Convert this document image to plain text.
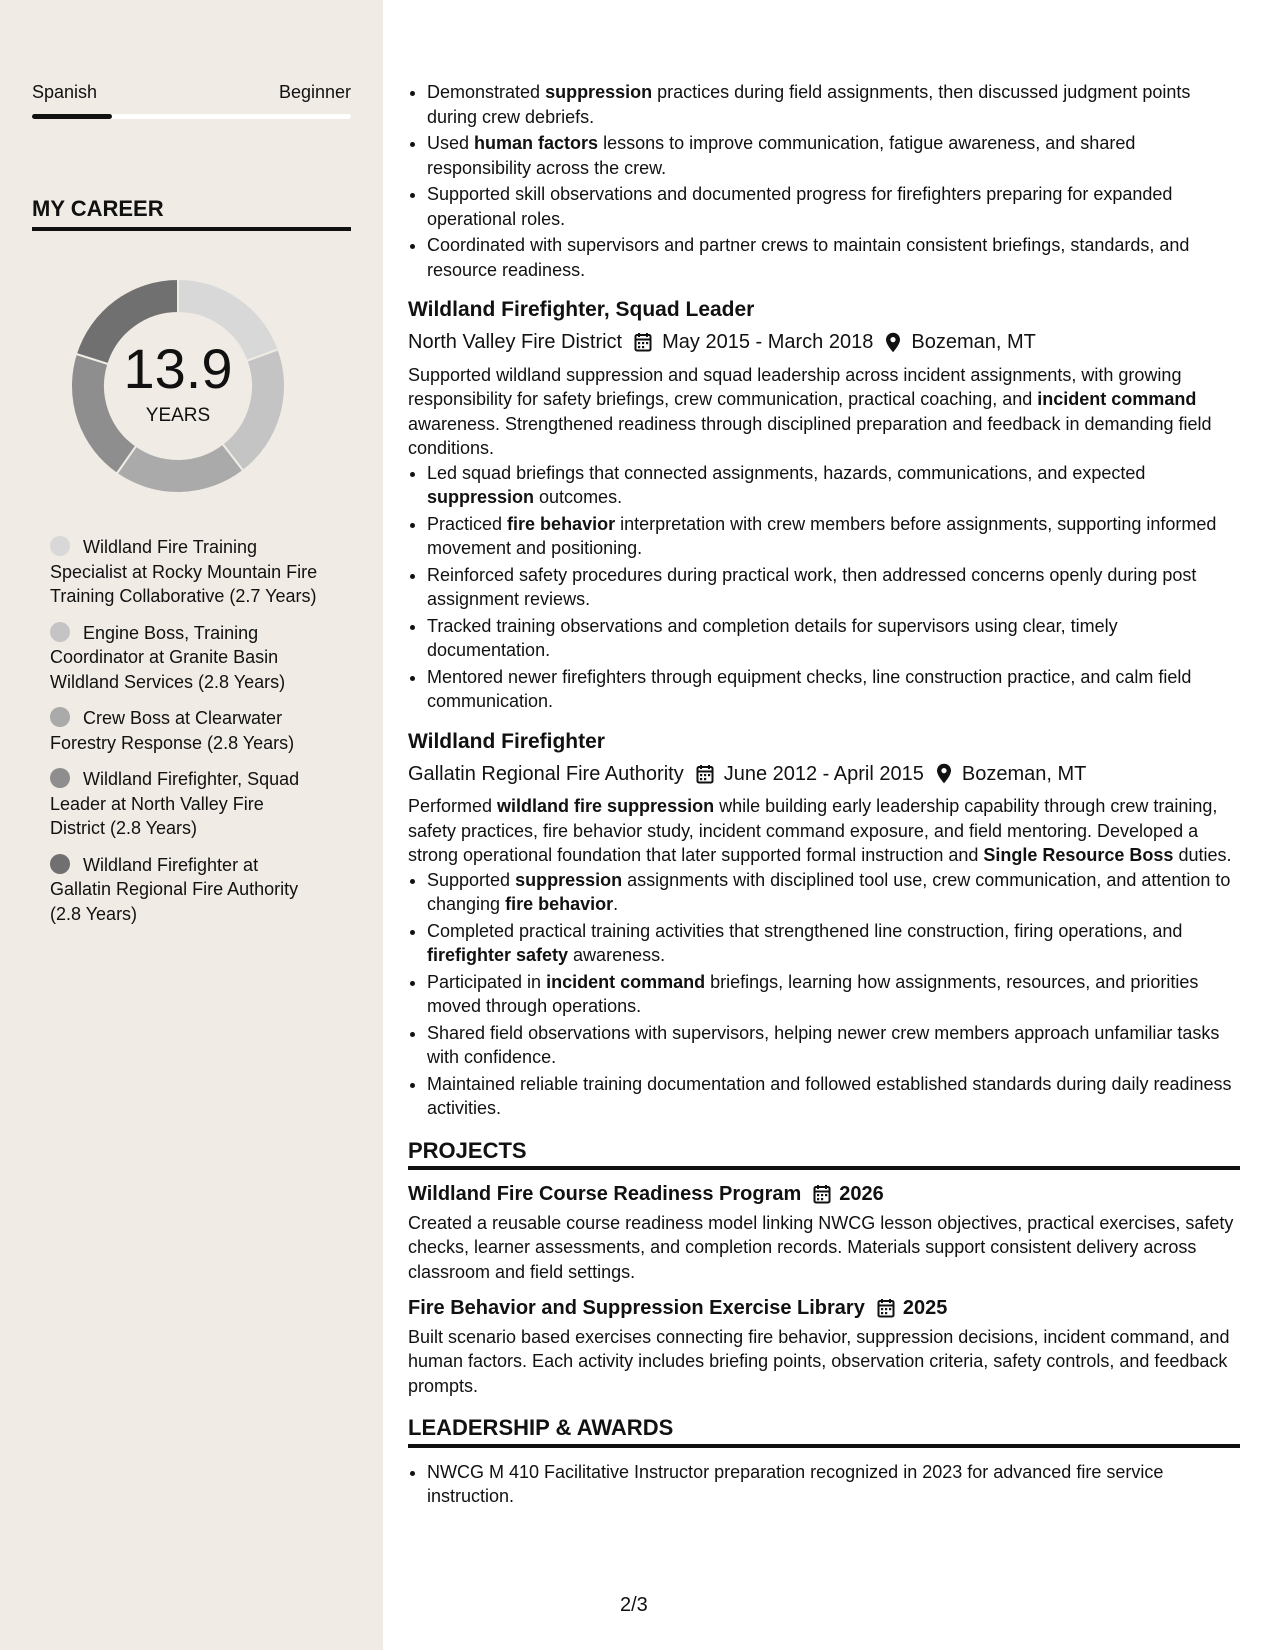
Spanish	Beginner
MY CAREER
13.9
YEARS
Wildland Fire Training Specialist at Rocky Mountain Fire Training Collaborative (2.7 Years)
Engine Boss, Training Coordinator at Granite Basin Wildland Services (2.8 Years)
Crew Boss at Clearwater Forestry Response (2.8 Years)
Wildland Firefighter, Squad Leader at North Valley Fire District (2.8 Years)
Wildland Firefighter at Gallatin Regional Fire Authority (2.8 Years)
• Demonstrated suppression practices during field assignments, then discussed judgment points during crew debriefs.
• Used human factors lessons to improve communication, fatigue awareness, and shared responsibility across the crew.
• Supported skill observations and documented progress for firefighters preparing for expanded operational roles.
• Coordinated with supervisors and partner crews to maintain consistent briefings, standards, and resource readiness.
Wildland Firefighter, Squad Leader
North Valley Fire District May 2015 - March 2018 Bozeman, MT

Supported wildland suppression and squad leadership across incident assignments, with growing responsibility for safety briefings, crew communication, practical coaching, and incident command awareness. Strengthened readiness through disciplined preparation and feedback in demanding field conditions.

• Led squad briefings that connected assignments, hazards, communications, and expected suppression outcomes.
• Practiced fire behavior interpretation with crew members before assignments, supporting informed movement and positioning.
• Reinforced safety procedures during practical work, then addressed concerns openly during post assignment reviews.
• Tracked training observations and completion details for supervisors using clear, timely documentation.
• Mentored newer firefighters through equipment checks, line construction practice, and calm field communication.
Wildland Firefighter
Gallatin Regional Fire Authority June 2012 - April 2015 Bozeman, MT

Performed wildland fire suppression while building early leadership capability through crew training, safety practices, fire behavior study, incident command exposure, and field mentoring. Developed a strong operational foundation that later supported formal instruction and Single Resource Boss duties.

• Supported suppression assignments with disciplined tool use, crew communication, and attention to changing fire behavior.
• Completed practical training activities that strengthened line construction, firing operations, and firefighter safety awareness.
• Participated in incident command briefings, learning how assignments, resources, and priorities moved through operations.
• Shared field observations with supervisors, helping newer crew members approach unfamiliar tasks with confidence.
• Maintained reliable training documentation and followed established standards during daily readiness activities.
PROJECTS
Wildland Fire Course Readiness Program 2026

Created a reusable course readiness model linking NWCG lesson objectives, practical exercises, safety checks, learner assessments, and completion records. Materials support consistent delivery across classroom and field settings.

Fire Behavior and Suppression Exercise Library 2025

Built scenario based exercises connecting fire behavior, suppression decisions, incident command, and human factors. Each activity includes briefing points, observation criteria, safety controls, and feedback prompts.

LEADERSHIP & AWARDS
• NWCG M 410 Facilitative Instructor preparation recognized in 2023 for advanced fire service instruction.
2/3
